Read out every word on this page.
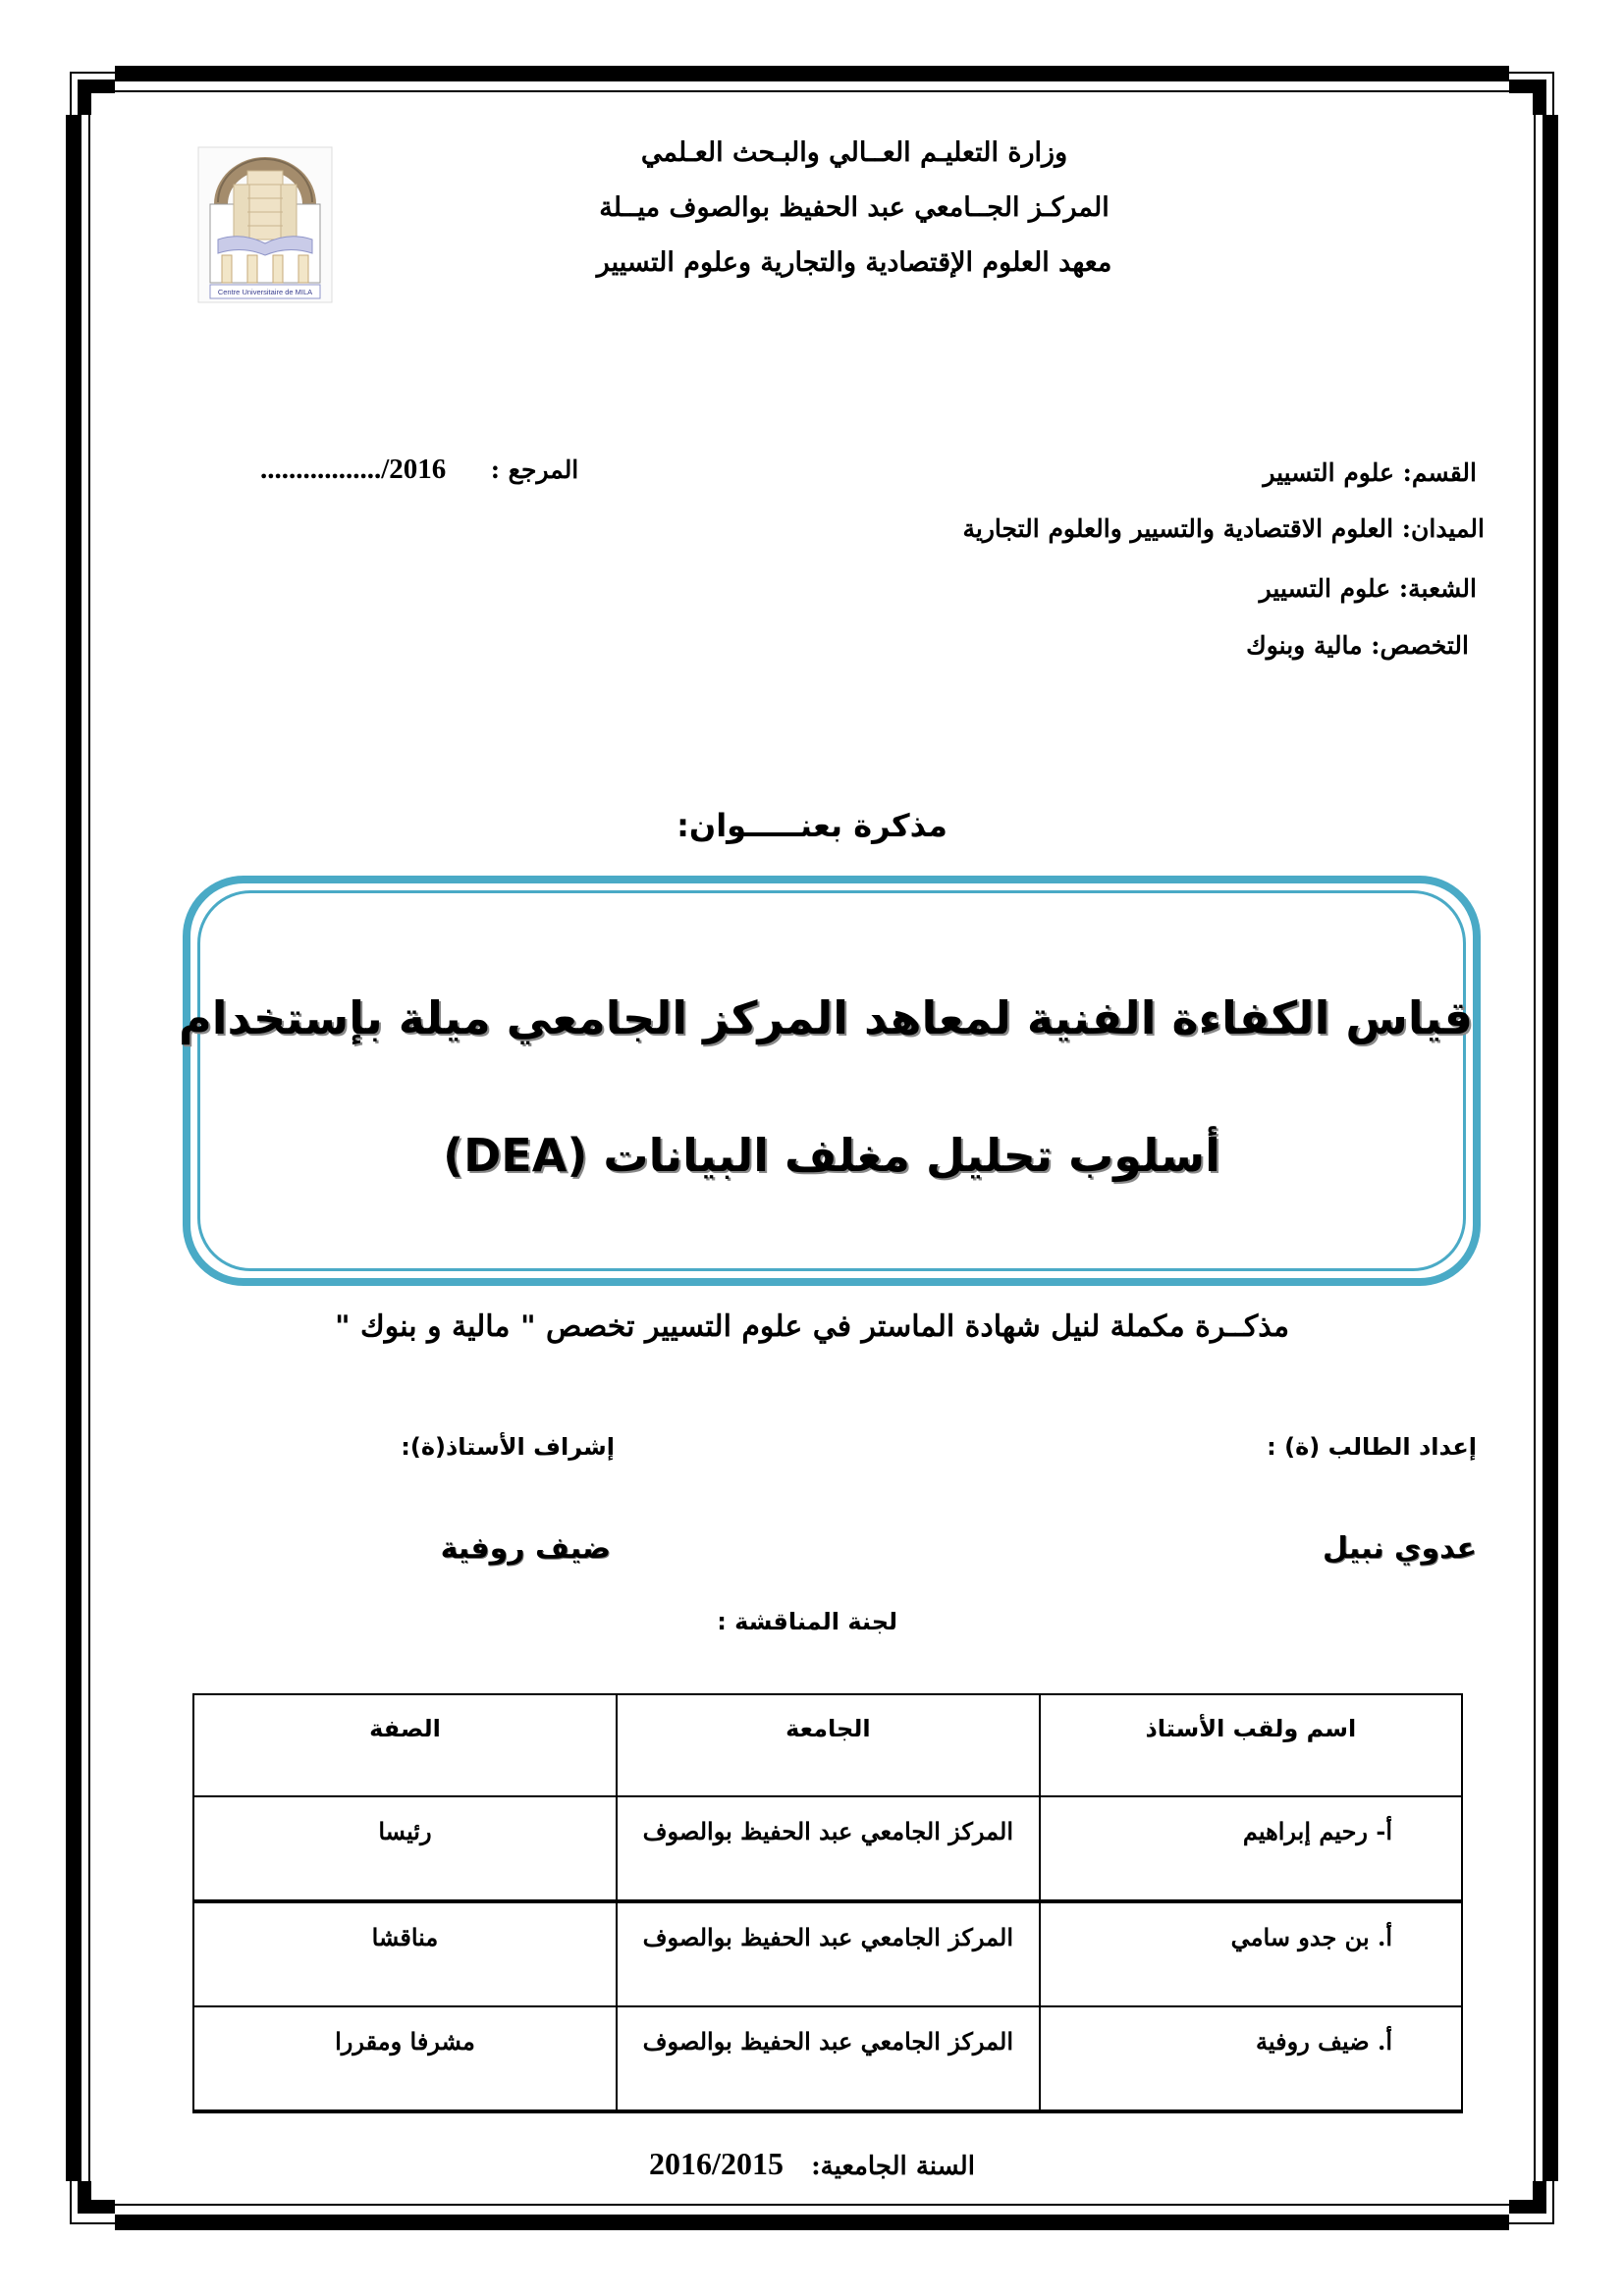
Centre Universitaire de MILA
وزارة التعليـم العــالي والبـحث العـلمي
المركـز الجــامعي عبد الحفيظ بوالصوف ميــلة
معهد العلوم الإقتصادية والتجارية وعلوم التسيير
................./2016 المرجع :	القسم: علوم التسيير
الميدان: العلوم الاقتصادية والتسيير والعلوم التجارية
الشعبة: علوم التسيير
التخصص: مالية وبنوك
مذكرة بعنـــــوان:
قياس الكفاءة الفنية لمعاهد المركز الجامعي ميلة بإستخدام
أسلوب تحليل مغلف البيانات (DEA)
مذكــرة مكملة لنيل شهادة الماستر في علوم التسيير تخصص " مالية و بنوك "
إعداد الطالب (ة) :
إشراف الأستاذ(ة):
عدوي نبيل
ضيف روفية
لجنة المناقشة :
اسم ولقب الأستاذ	الجامعة	الصفة
أ- رحيم إبراهيم	المركز الجامعي عبد الحفيظ بوالصوف	رئيسا
أ. بن جدو سامي	المركز الجامعي عبد الحفيظ بوالصوف	مناقشا
أ. ضيف روفية	المركز الجامعي عبد الحفيظ بوالصوف	مشرفا ومقررا
2016/2015 السنة الجامعية:
